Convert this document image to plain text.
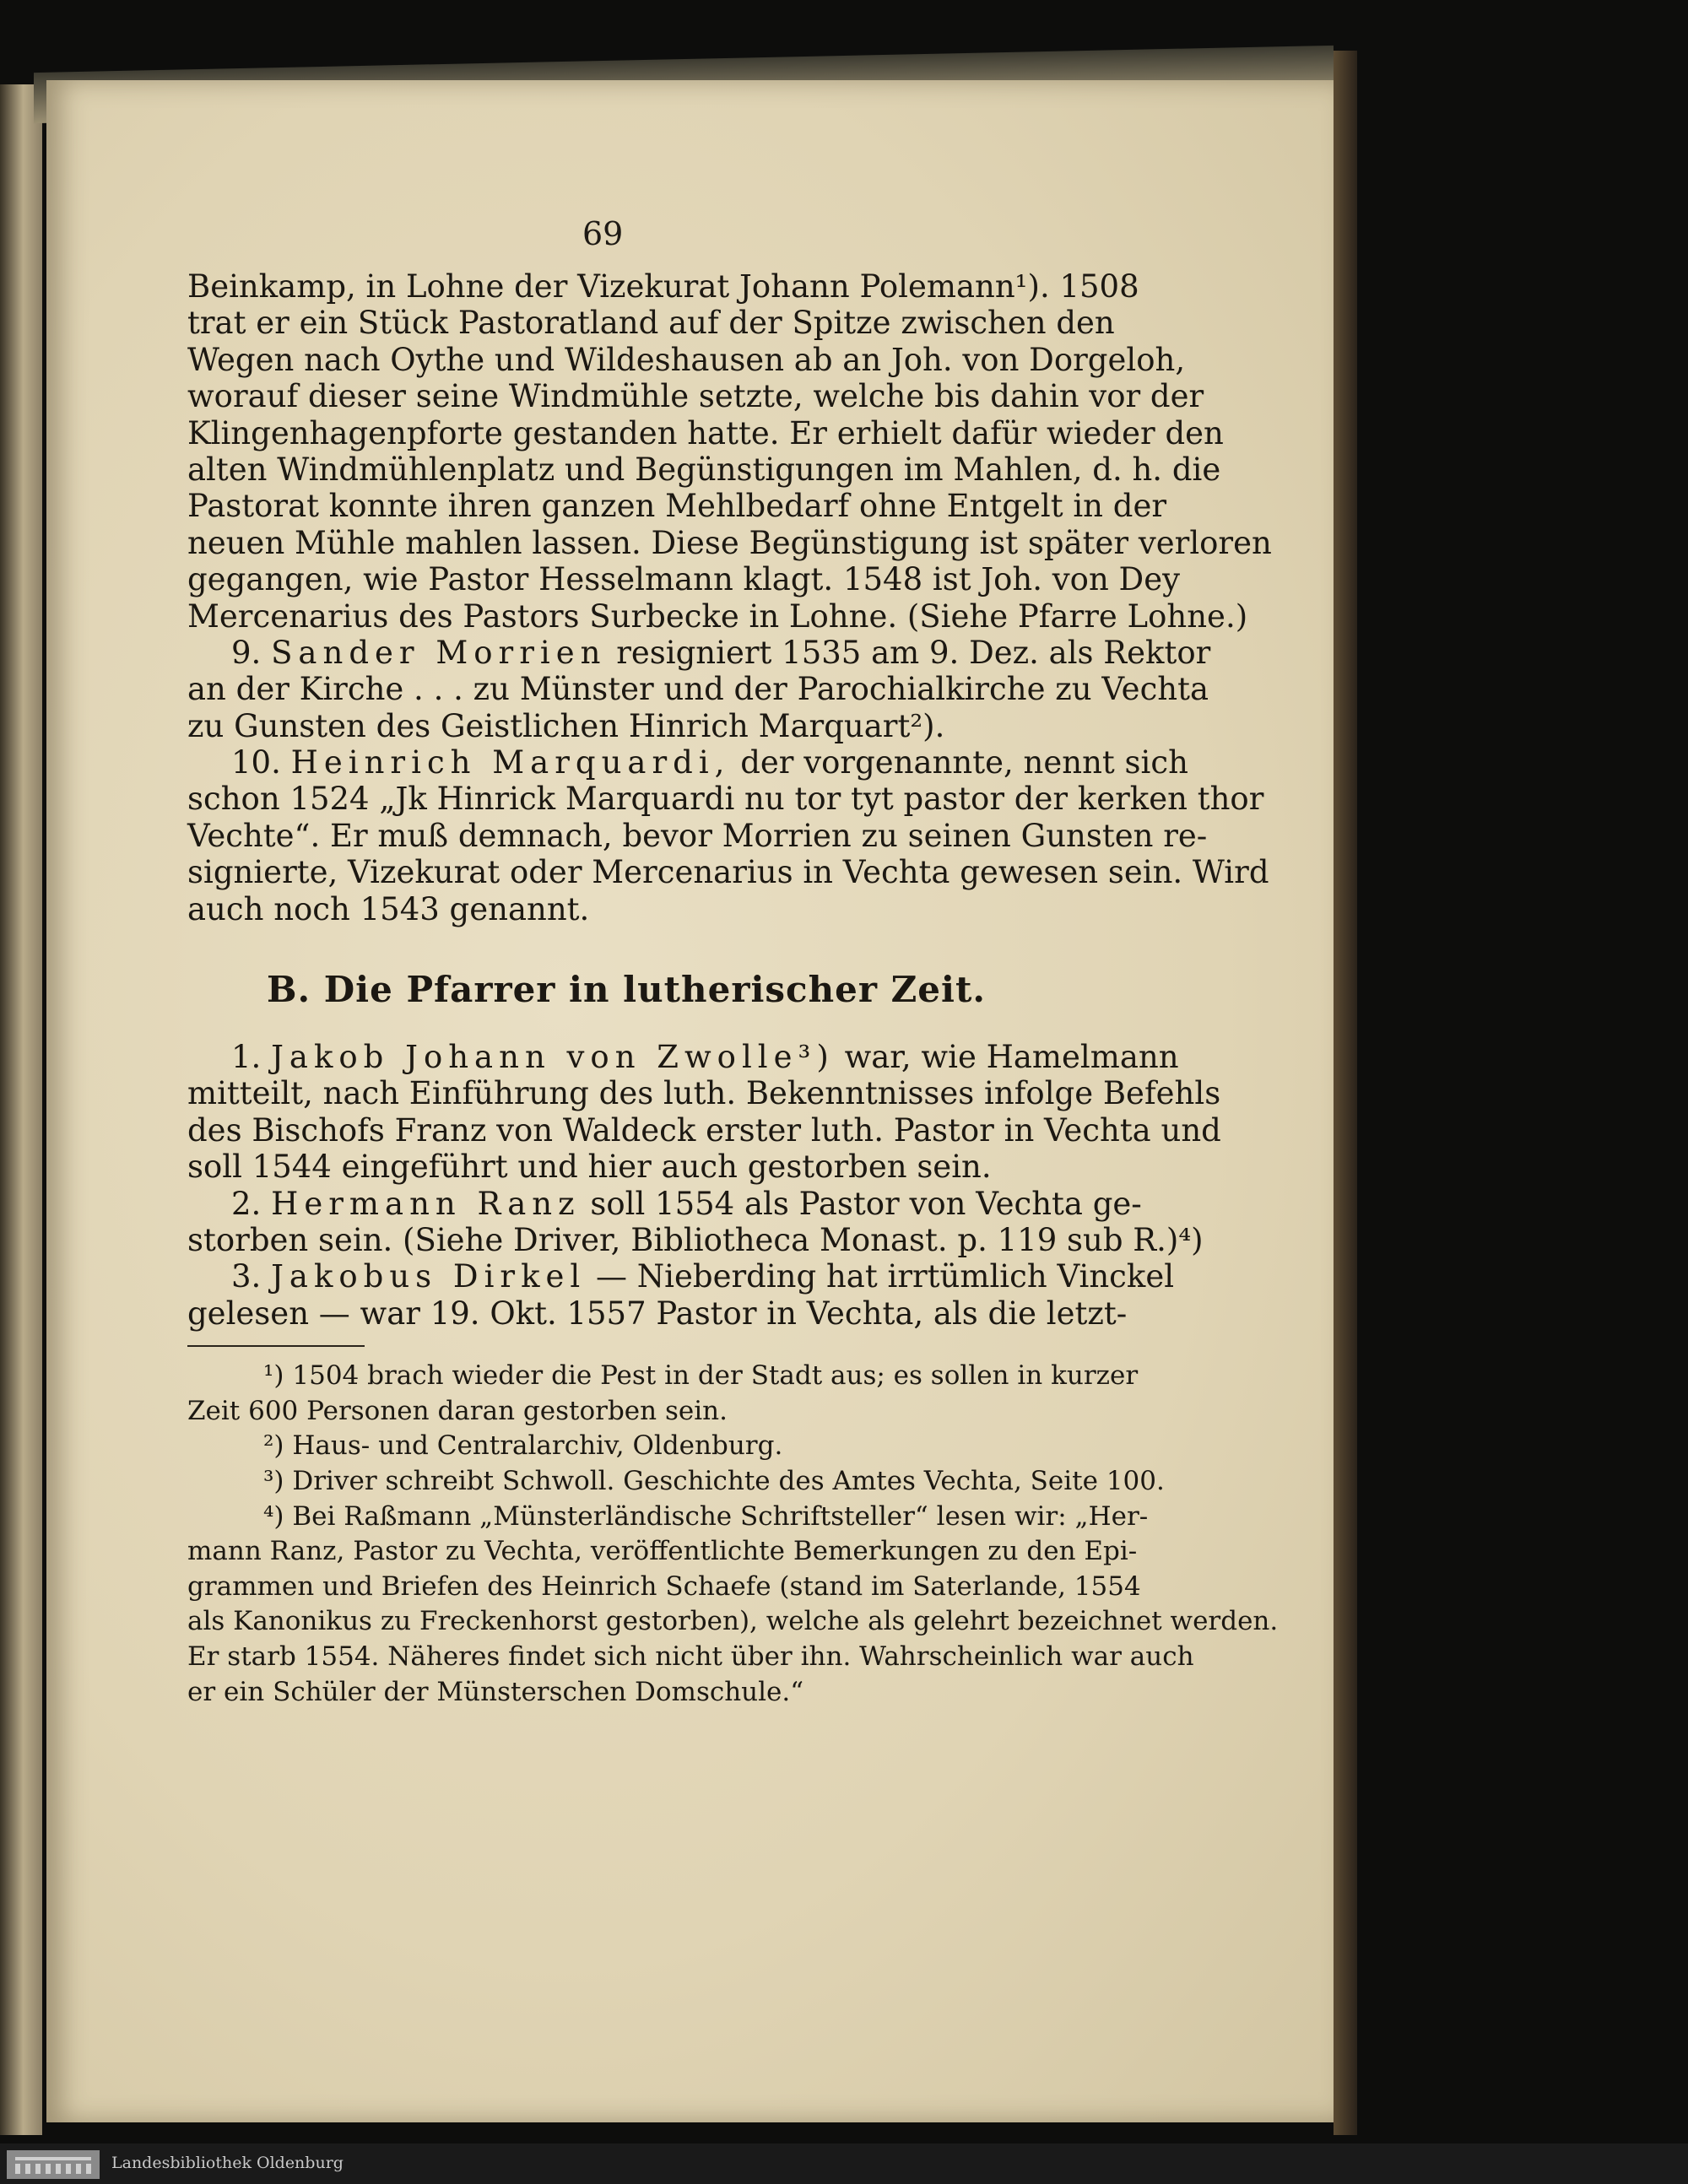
69
Beinkamp, in Lohne der Vizekurat Johann Polemann¹). 1508
trat er ein Stück Pastoratland auf der Spitze zwischen den
Wegen nach Oythe und Wildeshausen ab an Joh. von Dorgeloh,
worauf dieser seine Windmühle setzte, welche bis dahin vor der
Klingenhagenpforte gestanden hatte. Er erhielt dafür wieder den
alten Windmühlenplatz und Begünstigungen im Mahlen, d. h. die
Pastorat konnte ihren ganzen Mehlbedarf ohne Entgelt in der
neuen Mühle mahlen lassen. Diese Begünstigung ist später verloren
gegangen, wie Pastor Hesselmann klagt. 1548 ist Joh. von Dey
Mercenarius des Pastors Surbecke in Lohne. (Siehe Pfarre Lohne.)
9. Sander Morrien resigniert 1535 am 9. Dez. als Rektor
an der Kirche . . . zu Münster und der Parochialkirche zu Vechta
zu Gunsten des Geistlichen Hinrich Marquart²).
10. Heinrich Marquardi, der vorgenannte, nennt sich
schon 1524 „Jk Hinrick Marquardi nu tor tyt pastor der kerken thor
Vechte“. Er muß demnach, bevor Morrien zu seinen Gunsten re-
signierte, Vizekurat oder Mercenarius in Vechta gewesen sein. Wird
auch noch 1543 genannt.
B. Die Pfarrer in lutherischer Zeit.
1. Jakob Johann von Zwolle³) war, wie Hamelmann
mitteilt, nach Einführung des luth. Bekenntnisses infolge Befehls
des Bischofs Franz von Waldeck erster luth. Pastor in Vechta und
soll 1544 eingeführt und hier auch gestorben sein.
2. Hermann Ranz soll 1554 als Pastor von Vechta ge-
storben sein. (Siehe Driver, Bibliotheca Monast. p. 119 sub R.)⁴)
3. Jakobus Dirkel — Nieberding hat irrtümlich Vinckel
gelesen — war 19. Okt. 1557 Pastor in Vechta, als die letzt-
¹) 1504 brach wieder die Pest in der Stadt aus; es sollen in kurzer
Zeit 600 Personen daran gestorben sein.
²) Haus- und Centralarchiv, Oldenburg.
³) Driver schreibt Schwoll. Geschichte des Amtes Vechta, Seite 100.
⁴) Bei Raßmann „Münsterländische Schriftsteller“ lesen wir: „Her-
mann Ranz, Pastor zu Vechta, veröffentlichte Bemerkungen zu den Epi-
grammen und Briefen des Heinrich Schaefe (stand im Saterlande, 1554
als Kanonikus zu Freckenhorst gestorben), welche als gelehrt bezeichnet werden.
Er starb 1554. Näheres findet sich nicht über ihn. Wahrscheinlich war auch
er ein Schüler der Münsterschen Domschule.“
Landesbibliothek Oldenburg
